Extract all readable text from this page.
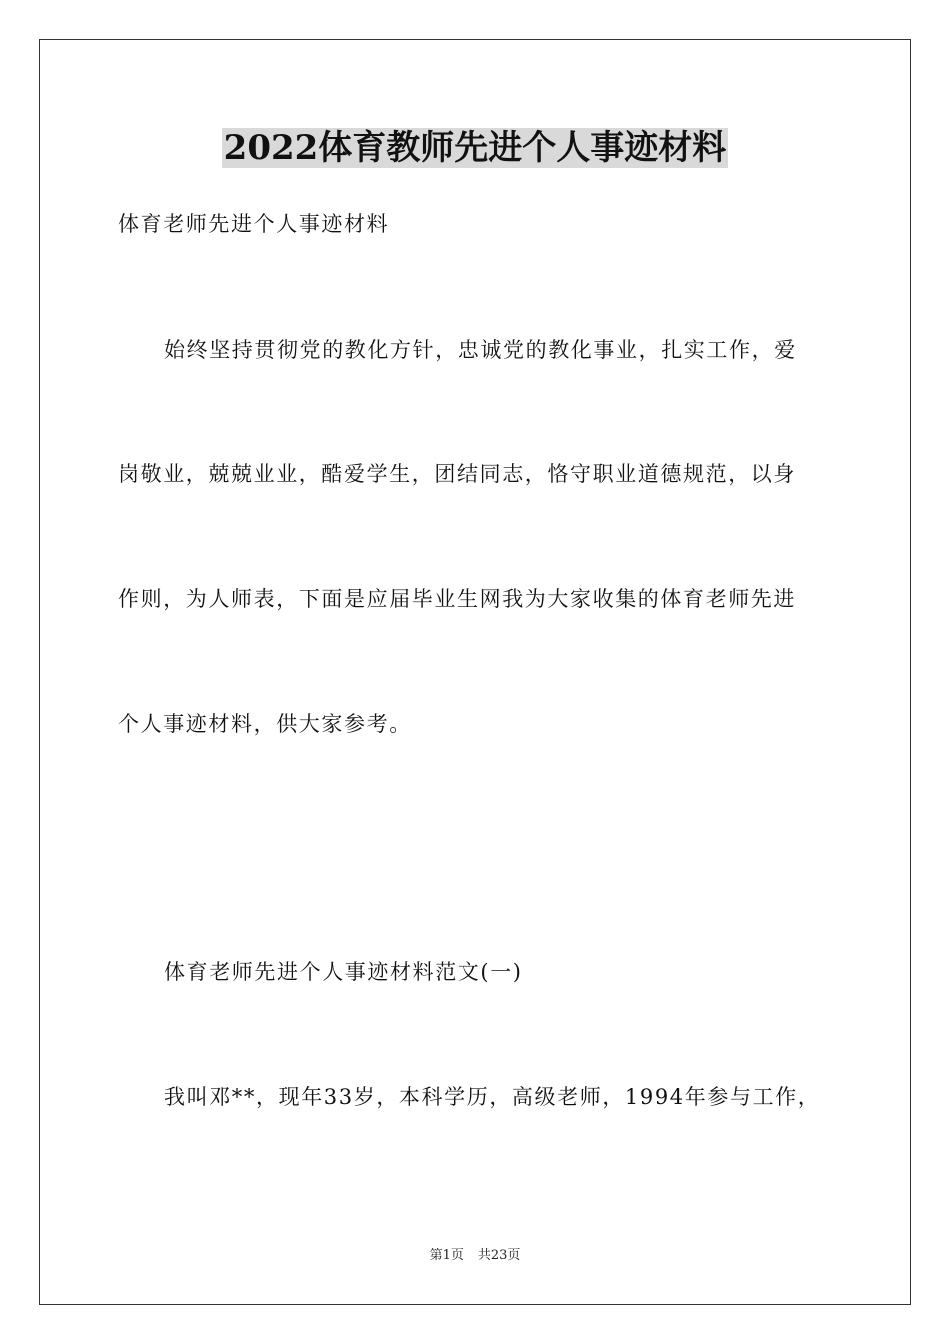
2022体育教师先进个人事迹材料
体育老师先进个人事迹材料
始终坚持贯彻党的教化方针，忠诚党的教化事业，扎实工作，爱
岗敬业，兢兢业业，酷爱学生，团结同志，恪守职业道德规范，以身
作则，为人师表，下面是应届毕业生网我为大家收集的体育老师先进
个人事迹材料，供大家参考。
体育老师先进个人事迹材料范文(一)
我叫邓**，现年33岁，本科学历，高级老师，1994年参与工作，
第1页 共23页
